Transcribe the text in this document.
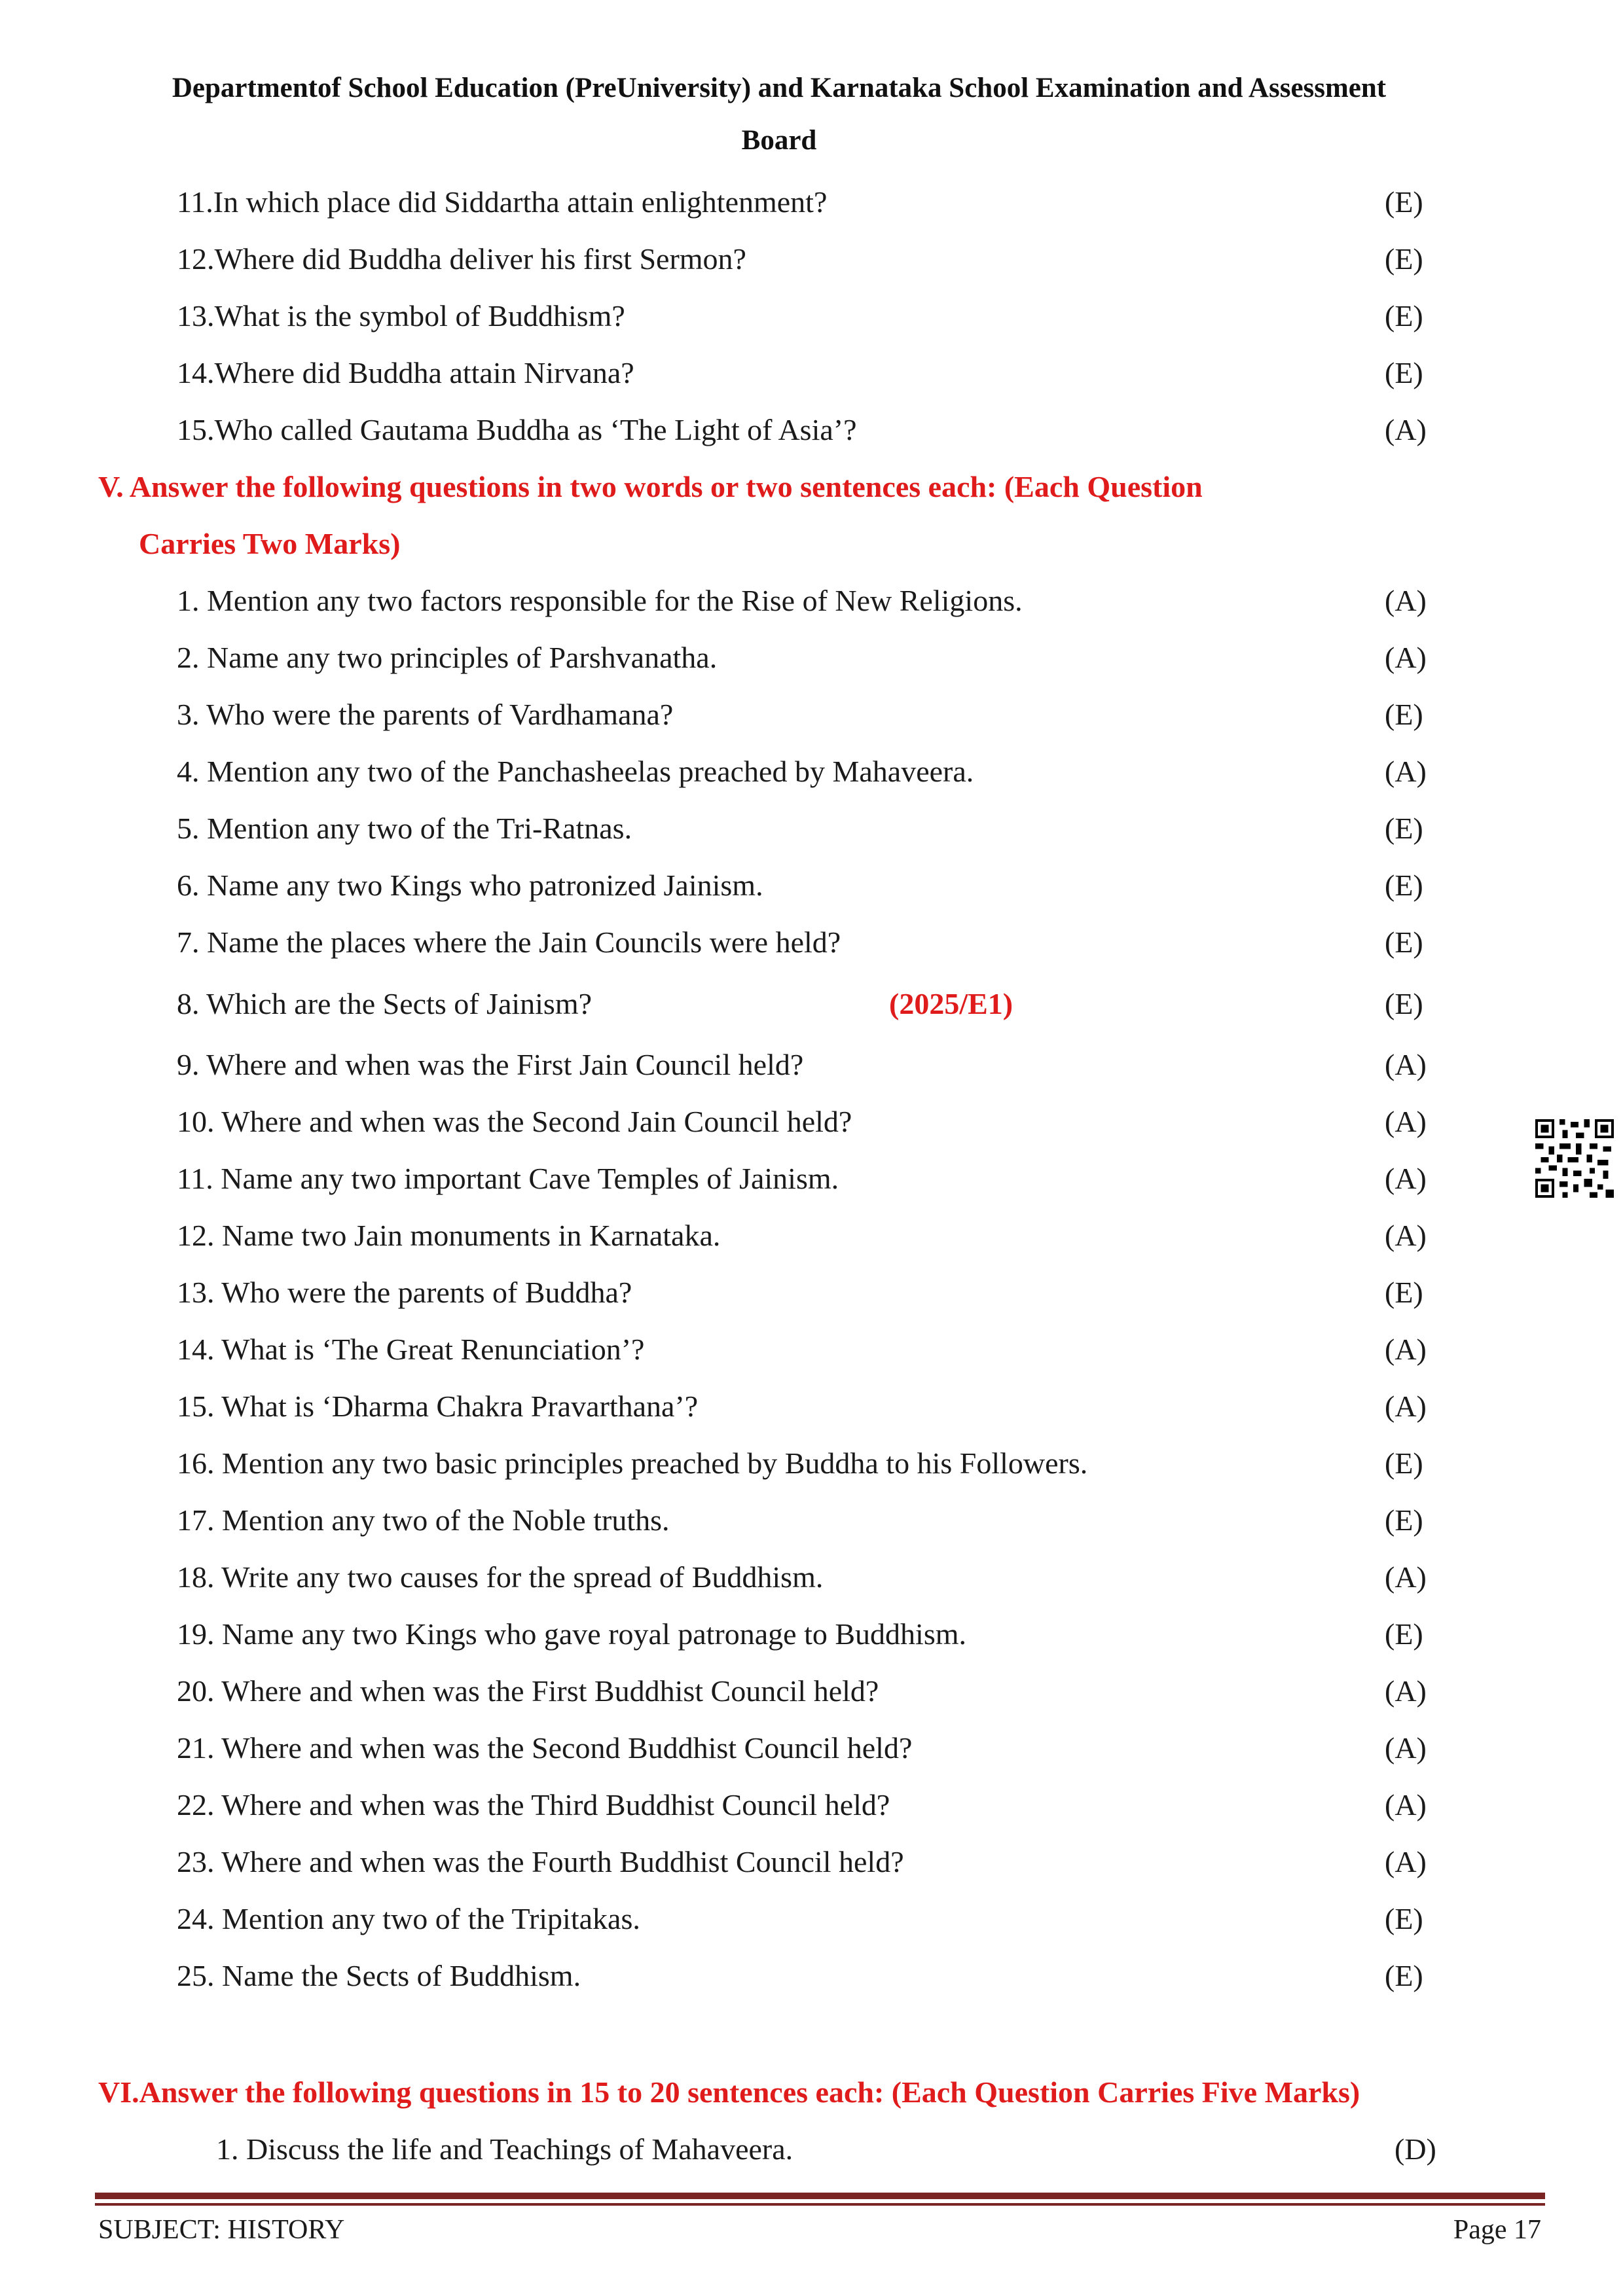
Departmentof School Education (PreUniversity) and Karnataka School Examination and Assessment
Board
11.In which place did Siddartha attain enlightenment?	(E)
12.Where did Buddha deliver his first Sermon?	(E)
13.What is the symbol of Buddhism?	(E)
14.Where did Buddha attain Nirvana?	(E)
15.Who called Gautama Buddha as ‘The Light of Asia’?	(A)
V. Answer the following questions in two words or two sentences each: (Each Question
Carries Two Marks)
1. Mention any two factors responsible for the Rise of New Religions.	(A)
2. Name any two principles of Parshvanatha.	(A)
3. Who were the parents of Vardhamana?	(E)
4. Mention any two of the Panchasheelas preached by Mahaveera.	(A)
5. Mention any two of the Tri-Ratnas.	(E)
6. Name any two Kings who patronized Jainism.	(E)
7. Name the places where the Jain Councils were held?	(E)
8. Which are the Sects of Jainism?	(2025/E1)	(E)
9. Where and when was the First Jain Council held?	(A)
10. Where and when was the Second Jain Council held?	(A)
11. Name any two important Cave Temples of Jainism.	(A)
12. Name two Jain monuments in Karnataka.	(A)
13. Who were the parents of Buddha?	(E)
14. What is ‘The Great Renunciation’?	(A)
15. What is ‘Dharma Chakra Pravarthana’?	(A)
16. Mention any two basic principles preached by Buddha to his Followers.	(E)
17. Mention any two of the Noble truths.	(E)
18. Write any two causes for the spread of Buddhism.	(A)
19. Name any two Kings who gave royal patronage to Buddhism.	(E)
20. Where and when was the First Buddhist Council held?	(A)
21. Where and when was the Second Buddhist Council held?	(A)
22. Where and when was the Third Buddhist Council held?	(A)
23. Where and when was the Fourth Buddhist Council held?	(A)
24. Mention any two of the Tripitakas.	(E)
25. Name the Sects of Buddhism.	(E)
VI.Answer the following questions in 15 to 20 sentences each: (Each Question Carries Five Marks)
1. Discuss the life and Teachings of Mahaveera.	(D)
SUBJECT: HISTORY	Page 17
